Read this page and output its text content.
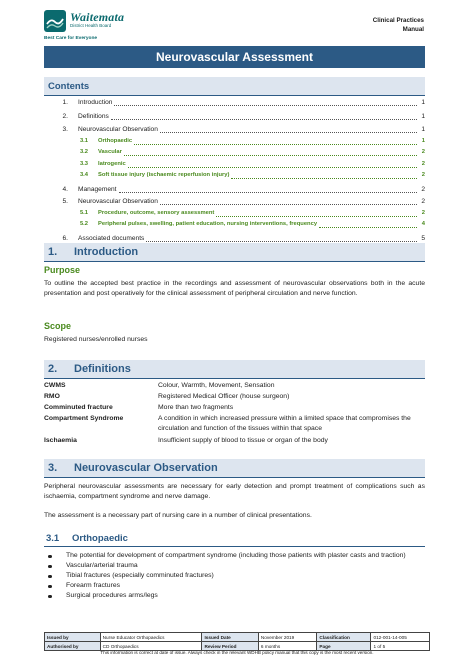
Waitemata
District Health Board
Best Care for Everyone
Clinical Practices
Manual
Neurovascular Assessment
Contents
1. Introduction	1
2. Definitions	1
3. Neurovascular Observation	1
3.1 Orthopaedic	1
3.2 Vascular	2
3.3 Iatrogenic	2
3.4 Soft tissue injury (ischaemic reperfusion injury)	2
4. Management	2
5. Neurovascular Observation	2
5.1 Procedure, outcome, sensory assessment	2
5.2 Peripheral pulses, swelling, patient education, nursing interventions, frequency	4
6. Associated documents	5
1.	Introduction
Purpose
To outline the accepted best practice in the recordings and assessment of neurovascular observations both in the acute presentation and post operatively for the clinical assessment of peripheral circulation and nerve function.
Scope
Registered nurses/enrolled nurses
2.	Definitions
CWMS	Colour, Warmth, Movement, Sensation
RMO	Registered Medical Officer (house surgeon)
Comminuted fracture	More than two fragments
Compartment Syndrome	A condition in which increased pressure within a limited space that compromises the circulation and function of the tissues within that space
Ischaemia	Insufficient supply of blood to tissue or organ of the body
3.	Neurovascular Observation
Peripheral neurovascular assessments are necessary for early detection and prompt treatment of complications such as ischaemia, compartment syndrome and nerve damage.
The assessment is a necessary part of nursing care in a number of clinical presentations.
3.1	Orthopaedic
The potential for development of compartment syndrome (including those patients with plaster casts and traction)
Vascular/arterial trauma
Tibial fractures (especially comminuted fractures)
Forearm fractures
Surgical procedures arms/legs
Issued by	Nurse Educator Orthopaedics	Issued Date	November 2019	Classification	012-001-14-005
Authorised by	CD Orthopaedics	Review Period	6 months	Page	1 of 5
This information is correct at date of issue. Always check in the relevant WDHB policy manual that this copy is the most recent version.
